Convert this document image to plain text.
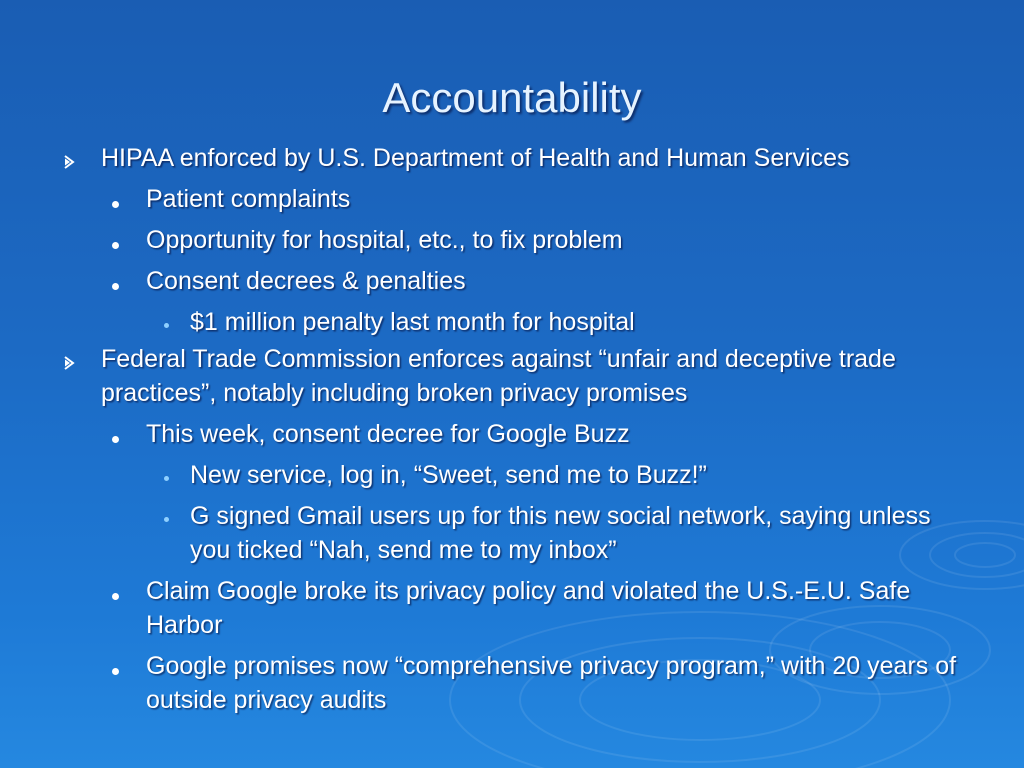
Accountability
HIPAA enforced by U.S. Department of Health and Human Services
Patient complaints
Opportunity for hospital, etc., to fix problem
Consent decrees & penalties
$1 million penalty last month for hospital
Federal Trade Commission enforces against “unfair and deceptive trade practices”, notably including broken privacy promises
This week, consent decree for Google Buzz
New service, log in, “Sweet, send me to Buzz!”
G signed Gmail users up for this new social network, saying unless you ticked “Nah, send me to my inbox”
Claim Google broke its privacy policy and violated the U.S.-E.U. Safe Harbor
Google promises now “comprehensive privacy program,” with 20 years of outside privacy audits
